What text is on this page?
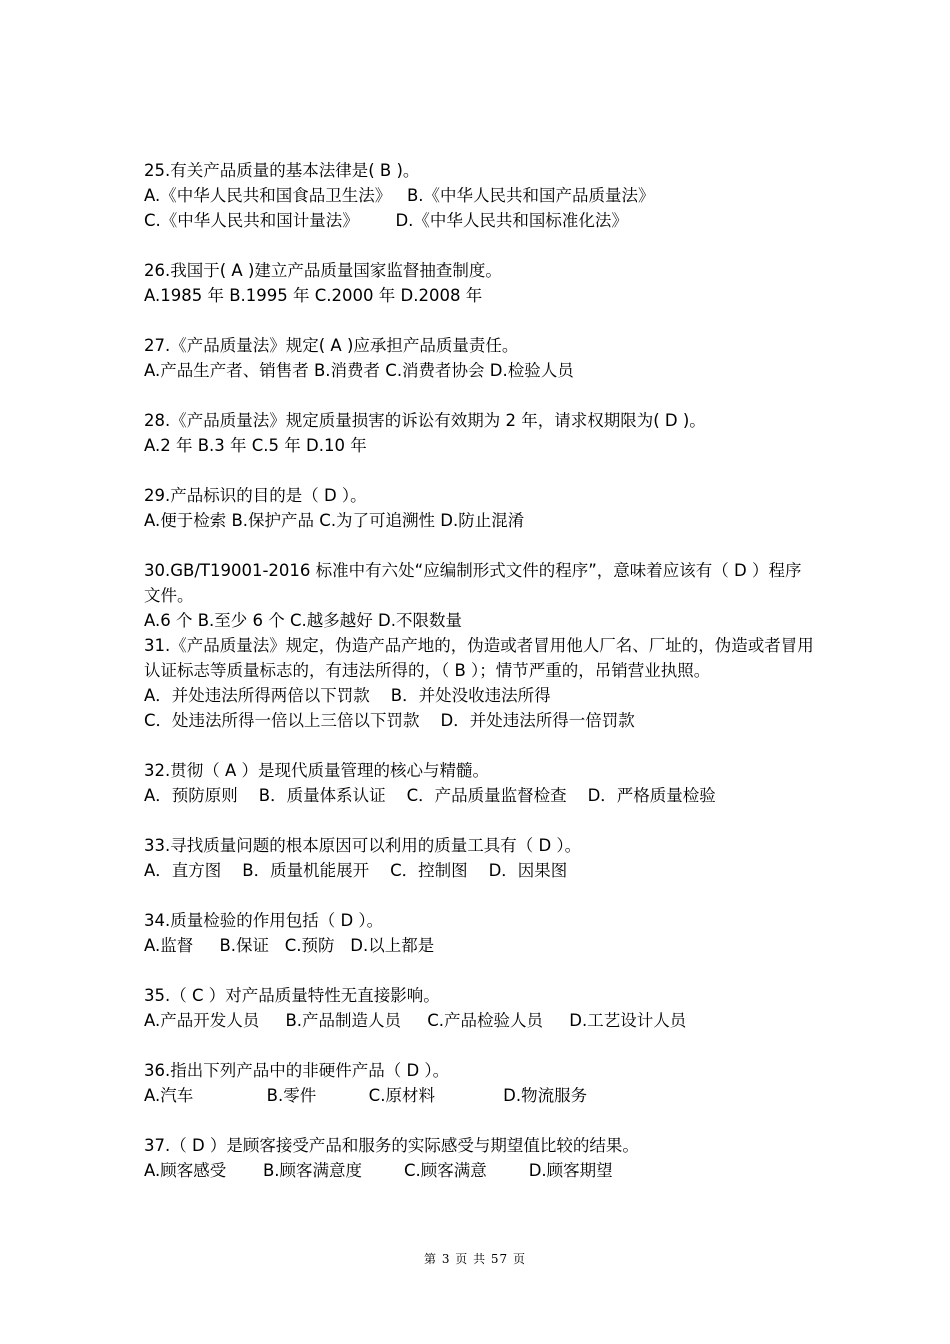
25.有关产品质量的基本法律是( B )。
A.《中华人民共和国食品卫生法》   B.《中华人民共和国产品质量法》
C.《中华人民共和国计量法》       D.《中华人民共和国标准化法》
26.我国于( A )建立产品质量国家监督抽查制度。
A.1985 年 B.1995 年 C.2000 年 D.2008 年
27.《产品质量法》规定( A )应承担产品质量责任。
A.产品生产者、销售者 B.消费者 C.消费者协会 D.检验人员
28.《产品质量法》规定质量损害的诉讼有效期为 2 年，请求权期限为( D )。
A.2 年 B.3 年 C.5 年 D.10 年
29.产品标识的目的是（ D ）。
A.便于检索 B.保护产品 C.为了可追溯性 D.防止混淆
30.GB/T19001-2016 标准中有六处“应编制形式文件的程序”，意味着应该有（ D ）程序文件。
A.6 个 B.至少 6 个 C.越多越好 D.不限数量
31.《产品质量法》规定，伪造产品产地的，伪造或者冒用他人厂名、厂址的，伪造或者冒用认证标志等质量标志的，有违法所得的，（ B ）；情节严重的，吊销营业执照。
A．并处违法所得两倍以下罚款    B．并处没收违法所得
C．处违法所得一倍以上三倍以下罚款    D．并处违法所得一倍罚款
32.贯彻（ A ）是现代质量管理的核心与精髓。
A．预防原则    B．质量体系认证    C．产品质量监督检查    D．严格质量检验
33.寻找质量问题的根本原因可以利用的质量工具有（ D ）。
A．直方图    B．质量机能展开    C．控制图    D．因果图
34.质量检验的作用包括（ D ）。
A.监督     B.保证   C.预防   D.以上都是
35.（ C ）对产品质量特性无直接影响。
A.产品开发人员     B.产品制造人员     C.产品检验人员     D.工艺设计人员
36.指出下列产品中的非硬件产品（ D ）。
A.汽车              B.零件          C.原材料             D.物流服务
37.（ D ）是顾客接受产品和服务的实际感受与期望值比较的结果。
A.顾客感受       B.顾客满意度        C.顾客满意        D.顾客期望
第 3 页 共 57 页
